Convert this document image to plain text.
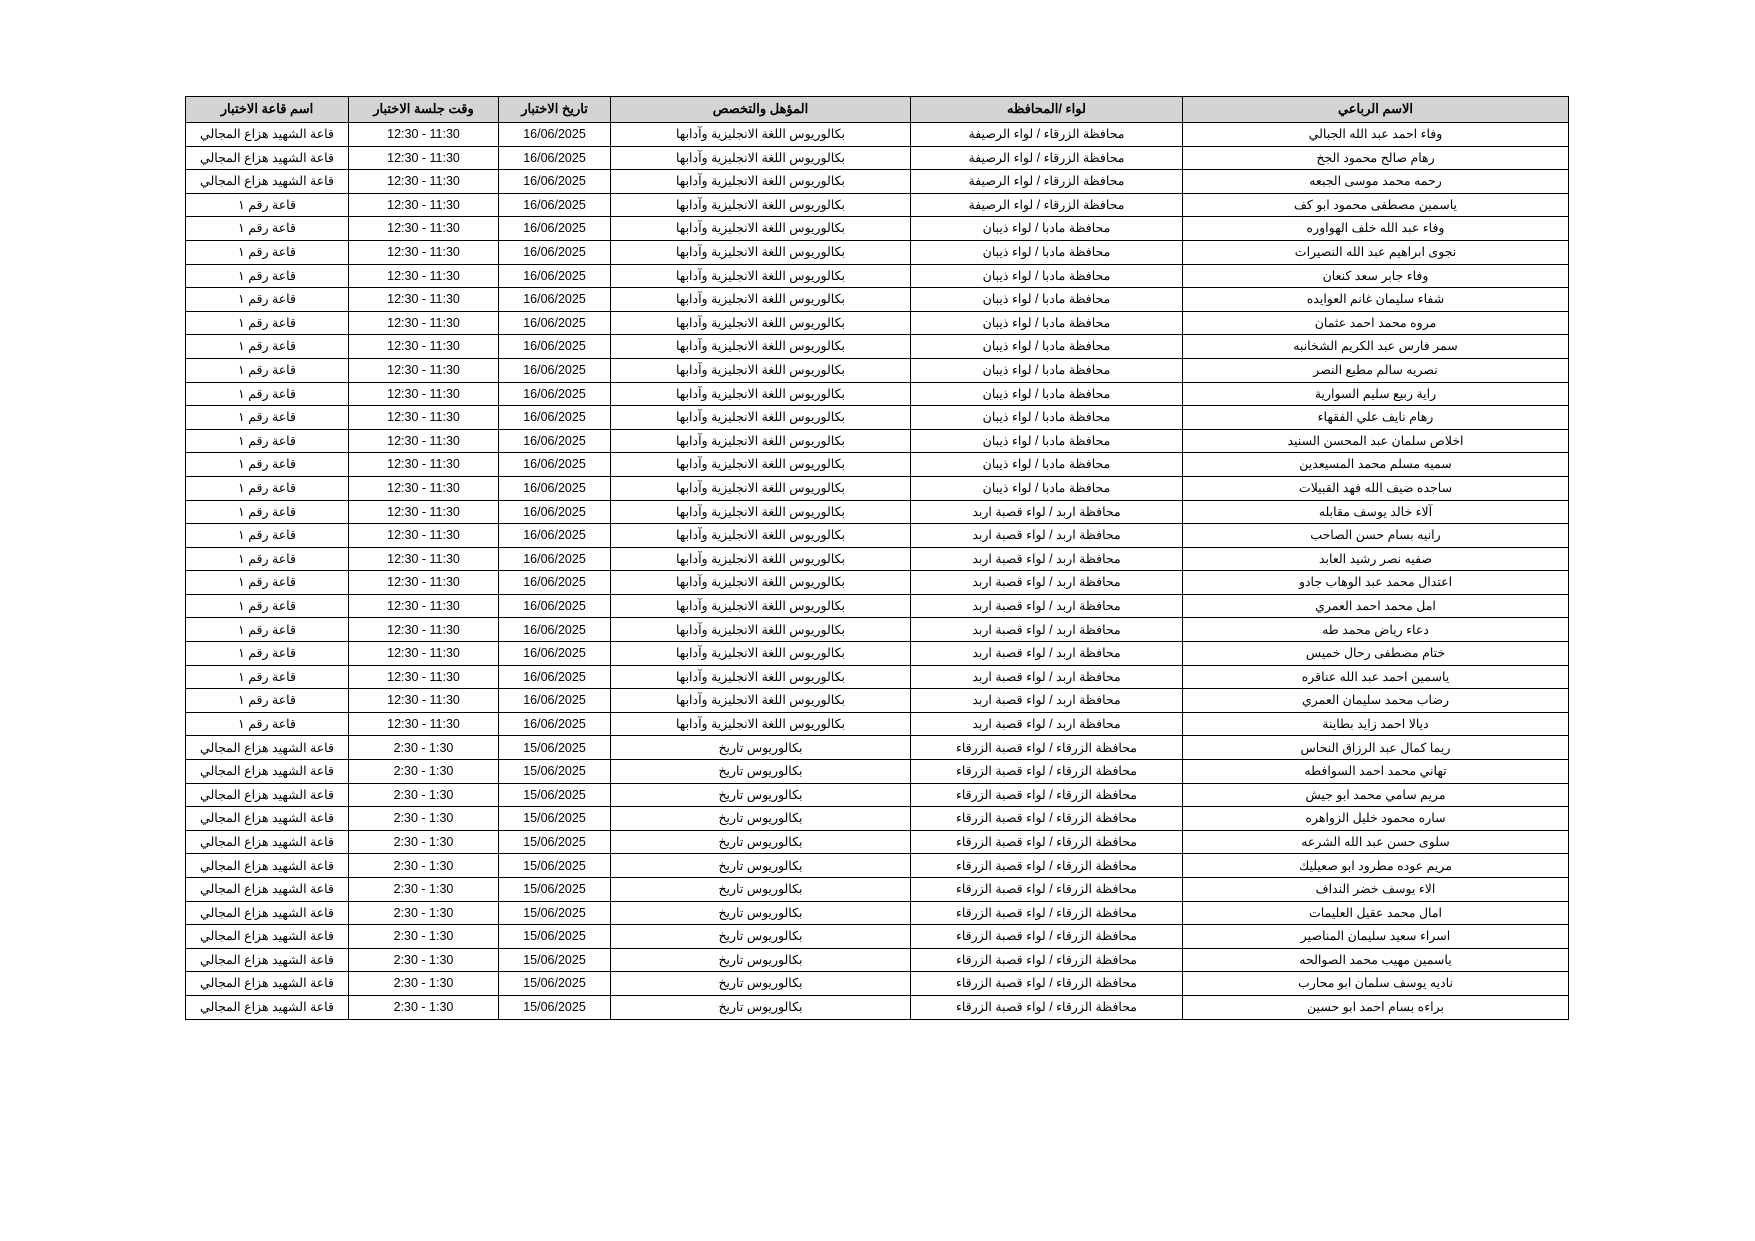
الاسم الرباعي	لواء /المحافظه	المؤهل والتخصص	تاريخ الاختبار	وقت جلسة الاختبار	اسم قاعة الاختبار
وفاء احمد عبد الله الجبالي	محافظة الزرقاء / لواء الرصيفة	بكالوريوس اللغة الانجليزية وآدابها	16/06/2025	11:30 - 12:30	قاعة الشهيد هزاع المجالي
رهام صالح محمود الجخ	محافظة الزرقاء / لواء الرصيفة	بكالوريوس اللغة الانجليزية وآدابها	16/06/2025	11:30 - 12:30	قاعة الشهيد هزاع المجالي
رحمه محمد موسى الجبعه	محافظة الزرقاء / لواء الرصيفة	بكالوريوس اللغة الانجليزية وآدابها	16/06/2025	11:30 - 12:30	قاعة الشهيد هزاع المجالي
ياسمين مصطفى محمود ابو كف	محافظة الزرقاء / لواء الرصيفة	بكالوريوس اللغة الانجليزية وآدابها	16/06/2025	11:30 - 12:30	قاعة رقم ١
وفاء عبد الله خلف الهواوره	محافظة مادبا / لواء ذيبان	بكالوريوس اللغة الانجليزية وآدابها	16/06/2025	11:30 - 12:30	قاعة رقم ١
نجوى ابراهيم عبد الله النصيرات	محافظة مادبا / لواء ذيبان	بكالوريوس اللغة الانجليزية وآدابها	16/06/2025	11:30 - 12:30	قاعة رقم ١
وفاء جابر سعد كنعان	محافظة مادبا / لواء ذيبان	بكالوريوس اللغة الانجليزية وآدابها	16/06/2025	11:30 - 12:30	قاعة رقم ١
شفاء سليمان غانم العوايده	محافظة مادبا / لواء ذيبان	بكالوريوس اللغة الانجليزية وآدابها	16/06/2025	11:30 - 12:30	قاعة رقم ١
مروه محمد احمد عثمان	محافظة مادبا / لواء ذيبان	بكالوريوس اللغة الانجليزية وآدابها	16/06/2025	11:30 - 12:30	قاعة رقم ١
سمر فارس عبد الكريم الشخانبه	محافظة مادبا / لواء ذيبان	بكالوريوس اللغة الانجليزية وآدابها	16/06/2025	11:30 - 12:30	قاعة رقم ١
نصريه سالم مطيع النصر	محافظة مادبا / لواء ذيبان	بكالوريوس اللغة الانجليزية وآدابها	16/06/2025	11:30 - 12:30	قاعة رقم ١
راية ربيع سليم السوارية	محافظة مادبا / لواء ذيبان	بكالوريوس اللغة الانجليزية وآدابها	16/06/2025	11:30 - 12:30	قاعة رقم ١
رهام نايف علي الفقهاء	محافظة مادبا / لواء ذيبان	بكالوريوس اللغة الانجليزية وآدابها	16/06/2025	11:30 - 12:30	قاعة رقم ١
اخلاص سلمان عبد المحسن السنيد	محافظة مادبا / لواء ذيبان	بكالوريوس اللغة الانجليزية وآدابها	16/06/2025	11:30 - 12:30	قاعة رقم ١
سميه مسلم محمد المسيعدين	محافظة مادبا / لواء ذيبان	بكالوريوس اللغة الانجليزية وآدابها	16/06/2025	11:30 - 12:30	قاعة رقم ١
ساجده ضيف الله فهد القبيلات	محافظة مادبا / لواء ذيبان	بكالوريوس اللغة الانجليزية وآدابها	16/06/2025	11:30 - 12:30	قاعة رقم ١
آلاء خالد يوسف مقابله	محافظة اربد / لواء قصبة اربد	بكالوريوس اللغة الانجليزية وآدابها	16/06/2025	11:30 - 12:30	قاعة رقم ١
رانيه بسام حسن الصاحب	محافظة اربد / لواء قصبة اربد	بكالوريوس اللغة الانجليزية وآدابها	16/06/2025	11:30 - 12:30	قاعة رقم ١
صفيه نصر رشيد العابد	محافظة اربد / لواء قصبة اربد	بكالوريوس اللغة الانجليزية وآدابها	16/06/2025	11:30 - 12:30	قاعة رقم ١
اعتدال محمد عبد الوهاب جادو	محافظة اربد / لواء قصبة اربد	بكالوريوس اللغة الانجليزية وآدابها	16/06/2025	11:30 - 12:30	قاعة رقم ١
امل محمد احمد العمري	محافظة اربد / لواء قصبة اربد	بكالوريوس اللغة الانجليزية وآدابها	16/06/2025	11:30 - 12:30	قاعة رقم ١
دعاء رياض محمد طه	محافظة اربد / لواء قصبة اربد	بكالوريوس اللغة الانجليزية وآدابها	16/06/2025	11:30 - 12:30	قاعة رقم ١
ختام مصطفى رحال خميس	محافظة اربد / لواء قصبة اربد	بكالوريوس اللغة الانجليزية وآدابها	16/06/2025	11:30 - 12:30	قاعة رقم ١
ياسمين احمد عبد الله عناقره	محافظة اربد / لواء قصبة اربد	بكالوريوس اللغة الانجليزية وآدابها	16/06/2025	11:30 - 12:30	قاعة رقم ١
رضاب محمد سليمان العمري	محافظة اربد / لواء قصبة اربد	بكالوريوس اللغة الانجليزية وآدابها	16/06/2025	11:30 - 12:30	قاعة رقم ١
ديالا احمد زايد بطاينة	محافظة اربد / لواء قصبة اربد	بكالوريوس اللغة الانجليزية وآدابها	16/06/2025	11:30 - 12:30	قاعة رقم ١
ريما كمال عبد الرزاق النحاس	محافظة الزرقاء / لواء قصبة الزرقاء	بكالوريوس تاريخ	15/06/2025	1:30 - 2:30	قاعة الشهيد هزاع المجالي
تهاني محمد احمد السوافطه	محافظة الزرقاء / لواء قصبة الزرقاء	بكالوريوس تاريخ	15/06/2025	1:30 - 2:30	قاعة الشهيد هزاع المجالي
مريم سامي محمد ابو جيش	محافظة الزرقاء / لواء قصبة الزرقاء	بكالوريوس تاريخ	15/06/2025	1:30 - 2:30	قاعة الشهيد هزاع المجالي
ساره محمود خليل الزواهره	محافظة الزرقاء / لواء قصبة الزرقاء	بكالوريوس تاريخ	15/06/2025	1:30 - 2:30	قاعة الشهيد هزاع المجالي
سلوى حسن عبد الله الشرعه	محافظة الزرقاء / لواء قصبة الزرقاء	بكالوريوس تاريخ	15/06/2025	1:30 - 2:30	قاعة الشهيد هزاع المجالي
مريم عوده مطرود ابو صعيليك	محافظة الزرقاء / لواء قصبة الزرقاء	بكالوريوس تاريخ	15/06/2025	1:30 - 2:30	قاعة الشهيد هزاع المجالي
الاء يوسف خضر النداف	محافظة الزرقاء / لواء قصبة الزرقاء	بكالوريوس تاريخ	15/06/2025	1:30 - 2:30	قاعة الشهيد هزاع المجالي
امال محمد عقيل العليمات	محافظة الزرقاء / لواء قصبة الزرقاء	بكالوريوس تاريخ	15/06/2025	1:30 - 2:30	قاعة الشهيد هزاع المجالي
اسراء سعيد سليمان المناصير	محافظة الزرقاء / لواء قصبة الزرقاء	بكالوريوس تاريخ	15/06/2025	1:30 - 2:30	قاعة الشهيد هزاع المجالي
ياسمين مهيب محمد الصوالحه	محافظة الزرقاء / لواء قصبة الزرقاء	بكالوريوس تاريخ	15/06/2025	1:30 - 2:30	قاعة الشهيد هزاع المجالي
ناديه يوسف سلمان ابو محارب	محافظة الزرقاء / لواء قصبة الزرقاء	بكالوريوس تاريخ	15/06/2025	1:30 - 2:30	قاعة الشهيد هزاع المجالي
براءه بسام احمد ابو حسين	محافظة الزرقاء / لواء قصبة الزرقاء	بكالوريوس تاريخ	15/06/2025	1:30 - 2:30	قاعة الشهيد هزاع المجالي
